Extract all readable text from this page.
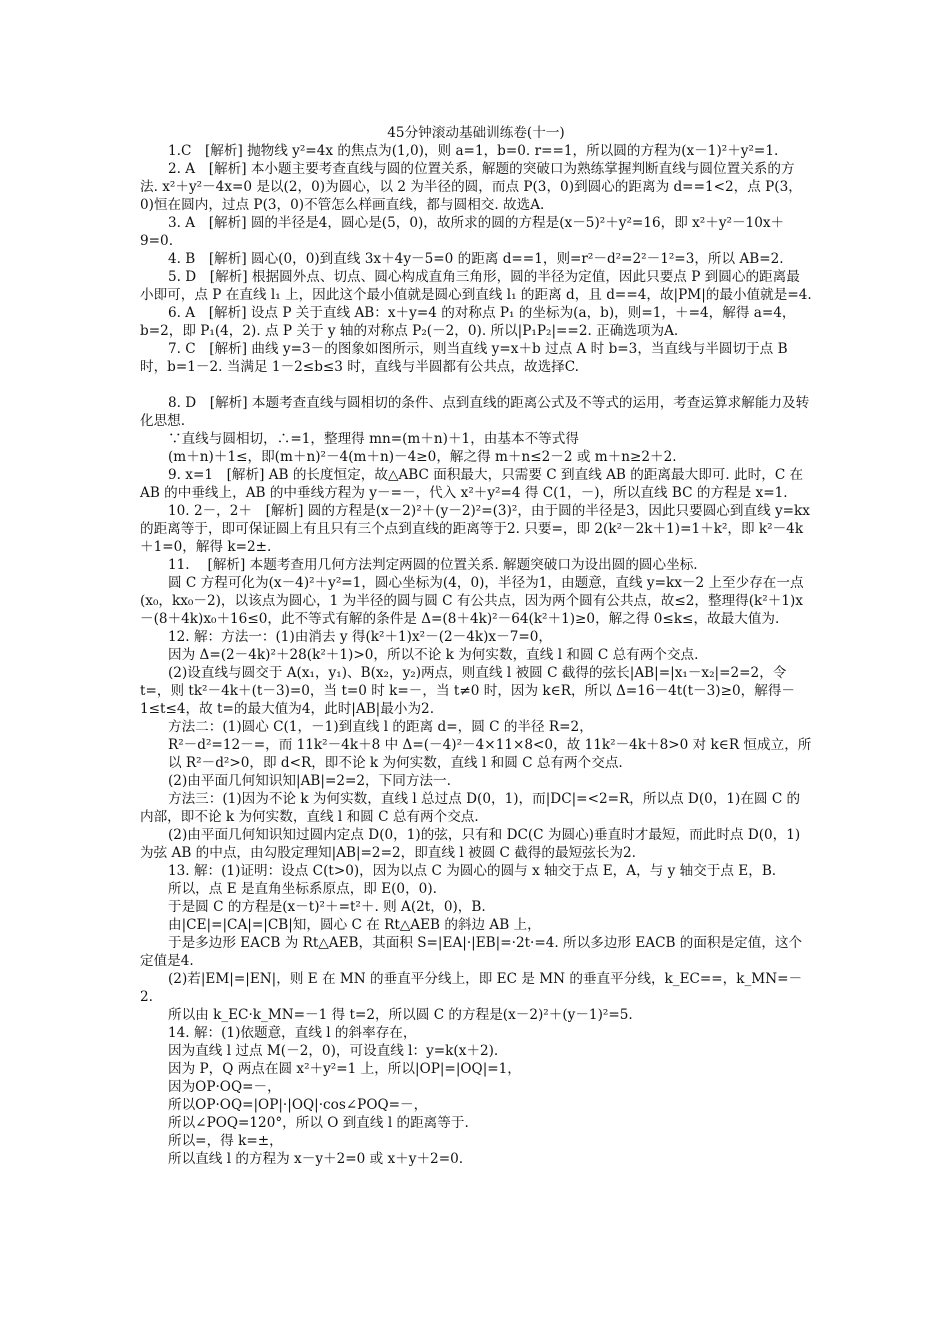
45分钟滚动基础训练卷(十一)
1.C　[解析] 抛物线 y²=4x 的焦点为(1,0)，则 a=1，b=0. r==1，所以圆的方程为(x－1)²＋y²=1.
2. A　[解析] 本小题主要考查直线与圆的位置关系，解题的突破口为熟练掌握判断直线与圆位置关系的方法. x²＋y²－4x=0 是以(2，0)为圆心，以 2 为半径的圆，而点 P(3，0)到圆心的距离为 d==1<2，点 P(3，0)恒在圆内，过点 P(3，0)不管怎么样画直线，都与圆相交. 故选A.
3. A　[解析] 圆的半径是4，圆心是(5，0)，故所求的圆的方程是(x－5)²＋y²=16，即 x²＋y²－10x＋9=0.
4. B　[解析] 圆心(0，0)到直线 3x＋4y－5=0 的距离 d==1，则=r²－d²=2²－1²=3，所以 AB=2.
5. D　[解析] 根据圆外点、切点、圆心构成直角三角形，圆的半径为定值，因此只要点 P 到圆心的距离最小即可，点 P 在直线 l₁ 上，因此这个最小值就是圆心到直线 l₁ 的距离 d，且 d==4，故|PM|的最小值就是=4.
6. A　[解析] 设点 P 关于直线 AB：x＋y=4 的对称点 P₁ 的坐标为(a，b)，则=1，＋=4，解得 a=4，b=2，即 P₁(4，2). 点 P 关于 y 轴的对称点 P₂(－2，0). 所以|P₁P₂|==2. 正确选项为A.
7. C　[解析] 曲线 y=3－的图象如图所示，则当直线 y=x＋b 过点 A 时 b=3，当直线与半圆切于点 B 时，b=1－2. 当满足 1－2≤b≤3 时，直线与半圆都有公共点，故选择C.
8. D　[解析] 本题考查直线与圆相切的条件、点到直线的距离公式及不等式的运用，考查运算求解能力及转化思想.
∵直线与圆相切，∴=1，整理得 mn=(m＋n)＋1，由基本不等式得
(m＋n)＋1≤，即(m＋n)²－4(m＋n)－4≥0，解之得 m＋n≤2－2 或 m＋n≥2＋2.
9. x=1　[解析] AB 的长度恒定，故△ABC 面积最大，只需要 C 到直线 AB 的距离最大即可. 此时，C 在 AB 的中垂线上，AB 的中垂线方程为 y－=－，代入 x²＋y²=4 得 C(1，－)，所以直线 BC 的方程是 x=1.
10. 2－，2＋　[解析] 圆的方程是(x－2)²＋(y－2)²=(3)²，由于圆的半径是3，因此只要圆心到直线 y=kx 的距离等于，即可保证圆上有且只有三个点到直线的距离等于2. 只要=，即 2(k²－2k＋1)=1＋k²，即 k²－4k＋1=0，解得 k=2±.
11. 　[解析] 本题考查用几何方法判定两圆的位置关系. 解题突破口为设出圆的圆心坐标.
圆 C 方程可化为(x－4)²＋y²=1，圆心坐标为(4，0)，半径为1，由题意，直线 y=kx－2 上至少存在一点(x₀，kx₀－2)，以该点为圆心，1 为半径的圆与圆 C 有公共点，因为两个圆有公共点，故≤2，整理得(k²＋1)x－(8＋4k)x₀＋16≤0，此不等式有解的条件是 Δ=(8＋4k)²－64(k²＋1)≥0，解之得 0≤k≤，故最大值为.
12. 解：方法一：(1)由消去 y 得(k²＋1)x²－(2－4k)x－7=0，
因为 Δ=(2－4k)²＋28(k²＋1)>0，所以不论 k 为何实数，直线 l 和圆 C 总有两个交点.
(2)设直线与圆交于 A(x₁，y₁)、B(x₂，y₂)两点，则直线 l 被圆 C 截得的弦长|AB|=|x₁－x₂|=2=2，令 t=，则 tk²－4k＋(t－3)=0，当 t=0 时 k=－，当 t≠0 时，因为 k∈R，所以 Δ=16－4t(t－3)≥0，解得－1≤t≤4，故 t=的最大值为4，此时|AB|最小为2.
方法二：(1)圆心 C(1，－1)到直线 l 的距离 d=，圆 C 的半径 R=2，
R²－d²=12－=，而 11k²－4k＋8 中 Δ=(－4)²－4×11×8<0，故 11k²－4k＋8>0 对 k∈R 恒成立，所以 R²－d²>0，即 d<R，即不论 k 为何实数，直线 l 和圆 C 总有两个交点.
(2)由平面几何知识知|AB|=2=2，下同方法一.
方法三：(1)因为不论 k 为何实数，直线 l 总过点 D(0，1)，而|DC|=<2=R，所以点 D(0，1)在圆 C 的内部，即不论 k 为何实数，直线 l 和圆 C 总有两个交点.
(2)由平面几何知识知过圆内定点 D(0，1)的弦，只有和 DC(C 为圆心)垂直时才最短，而此时点 D(0，1)为弦 AB 的中点，由勾股定理知|AB|=2=2，即直线 l 被圆 C 截得的最短弦长为2.
13. 解：(1)证明：设点 C(t>0)，因为以点 C 为圆心的圆与 x 轴交于点 E，A，与 y 轴交于点 E，B.
所以，点 E 是直角坐标系原点，即 E(0，0).
于是圆 C 的方程是(x－t)²＋=t²＋. 则 A(2t，0)，B.
由|CE|=|CA|=|CB|知，圆心 C 在 Rt△AEB 的斜边 AB 上，
于是多边形 EACB 为 Rt△AEB，其面积 S=|EA|·|EB|=·2t·=4. 所以多边形 EACB 的面积是定值，这个定值是4.
(2)若|EM|=|EN|，则 E 在 MN 的垂直平分线上，即 EC 是 MN 的垂直平分线，k_EC==，k_MN=－2.
所以由 k_EC·k_MN=－1 得 t=2，所以圆 C 的方程是(x－2)²＋(y－1)²=5.
14. 解：(1)依题意，直线 l 的斜率存在，
因为直线 l 过点 M(－2，0)，可设直线 l：y=k(x＋2).
因为 P，Q 两点在圆 x²＋y²=1 上，所以|OP|=|OQ|=1，
因为OP·OQ=－，
所以OP·OQ=|OP|·|OQ|·cos∠POQ=－，
所以∠POQ=120°，所以 O 到直线 l 的距离等于.
所以=，得 k=±，
所以直线 l 的方程为 x－y＋2=0 或 x＋y＋2=0.
